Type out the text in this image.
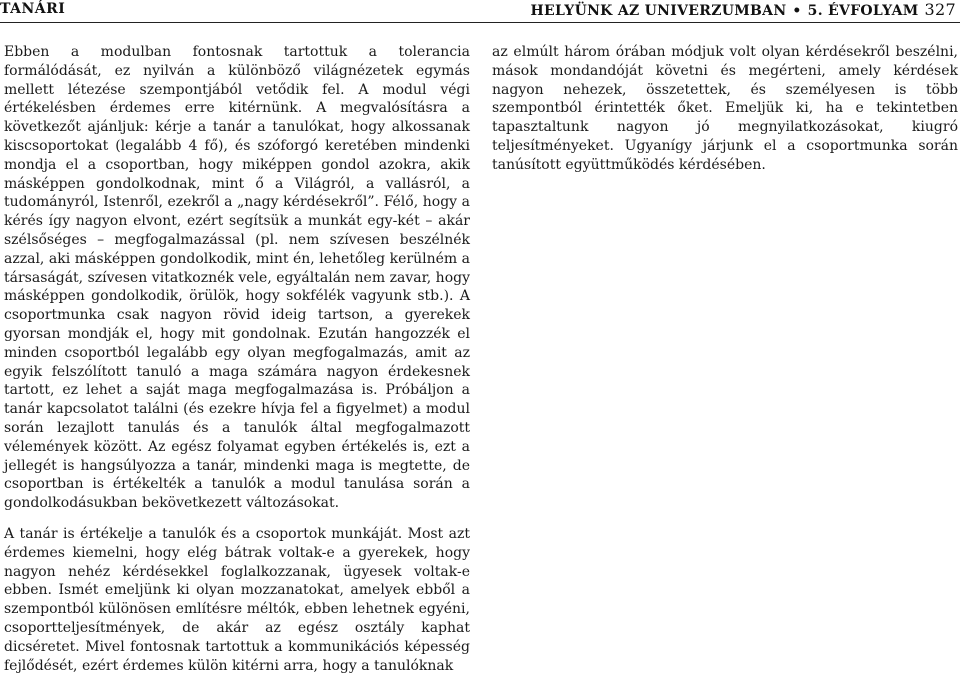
TANÁRI	HELYÜNK AZ UNIVERZUMBAN • 5. ÉVFOLYAM 327

Ebben a modulban fontosnak tartottuk a tolerancia formálódását, ez nyilván a különböző világnézetek egymás mellett létezése szempontjából vetődik fel. A modul végi értékelésben érdemes erre kitérnünk. A megvalósításra a következőt ajánljuk: kérje a tanár a tanulókat, hogy alkossanak kiscsoportokat (legalább 4 fő), és szóforgó keretében mindenki mondja el a csoportban, hogy miképpen gondol azokra, akik másképpen gondolkodnak, mint ő a Világról, a vallásról, a tudományról, Istenről, ezekről a „nagy kérdésekről”. Félő, hogy a kérés így nagyon elvont, ezért segítsük a munkát egy-két – akár szélsőséges – megfogalmazással (pl. nem szívesen beszélnék azzal, aki másképpen gondolkodik, mint én, lehetőleg kerülném a társaságát, szívesen vitatkoznék vele, egyáltalán nem zavar, hogy másképpen gondolkodik, örülök, hogy sokfélék vagyunk stb.). A csoportmunka csak nagyon rövid ideig tartson, a gyerekek gyorsan mondják el, hogy mit gondolnak. Ezután hangozzék el minden csoportból legalább egy olyan megfogalmazás, amit az egyik felszólított tanuló a maga számára nagyon érdekesnek tartott, ez lehet a saját maga megfogalmazása is. Próbáljon a tanár kapcsolatot találni (és ezekre hívja fel a figyelmet) a modul során lezajlott tanulás és a tanulók által megfogalmazott vélemények között. Az egész folyamat egyben értékelés is, ezt a jellegét is hangsúlyozza a tanár, mindenki maga is megtette, de csoportban is értékelték a tanulók a modul tanulása során a gondolkodásukban bekövetkezett változásokat.

A tanár is értékelje a tanulók és a csoportok munkáját. Most azt érdemes kiemelni, hogy elég bátrak voltak-e a gyerekek, hogy nagyon nehéz kérdésekkel foglalkozzanak, ügyesek voltak-e ebben. Ismét emeljünk ki olyan mozzanatokat, amelyek ebből a szempontból különösen említésre méltók, ebben lehetnek egyéni, csoportteljesítmények, de akár az egész osztály kaphat dicséretet. Mivel fontosnak tartottuk a kommunikációs képesség fejlődését, ezért érdemes külön kitérni arra, hogy a tanulóknak

az elmúlt három órában módjuk volt olyan kérdésekről beszélni, mások mondandóját követni és megérteni, amely kérdések nagyon nehezek, összetettek, és személyesen is több szempontból érintették őket. Emeljük ki, ha e tekintetben tapasztaltunk nagyon jó megnyilatkozásokat, kiugró teljesítményeket. Ugyanígy járjunk el a csoportmunka során tanúsított együttműködés kérdésében.
